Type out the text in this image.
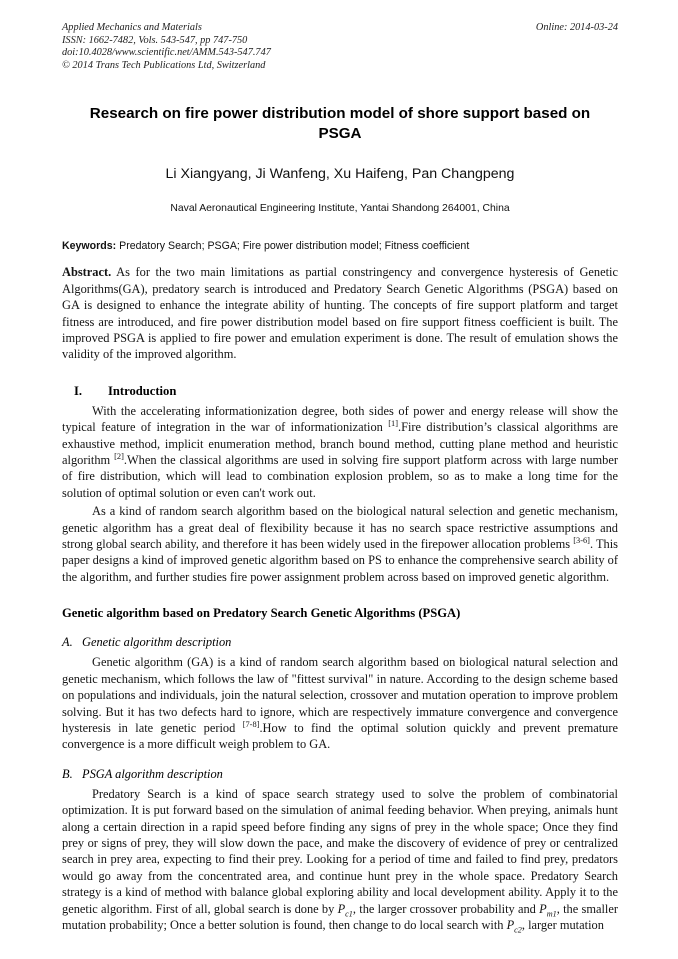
Applied Mechanics and Materials
ISSN: 1662-7482, Vols. 543-547, pp 747-750
doi:10.4028/www.scientific.net/AMM.543-547.747
© 2014 Trans Tech Publications Ltd, Switzerland
Online: 2014-03-24
Research on fire power distribution model of shore support based on PSGA
Li Xiangyang, Ji Wanfeng, Xu Haifeng, Pan Changpeng
Naval Aeronautical Engineering Institute, Yantai Shandong 264001, China
Keywords: Predatory Search; PSGA; Fire power distribution model; Fitness coefficient
Abstract. As for the two main limitations as partial constringency and convergence hysteresis of Genetic Algorithms(GA), predatory search is introduced and Predatory Search Genetic Algorithms (PSGA) based on GA is designed to enhance the integrate ability of hunting. The concepts of fire support platform and target fitness are introduced, and fire power distribution model based on fire support fitness coefficient is built. The improved PSGA is applied to fire power and emulation experiment is done. The result of emulation shows the validity of the improved algorithm.
I. Introduction

With the accelerating informationization degree, both sides of power and energy release will show the typical feature of integration in the war of informationization [1].Fire distribution’s classical algorithms are exhaustive method, implicit enumeration method, branch bound method, cutting plane method and heuristic algorithm [2].When the classical algorithms are used in solving fire support platform across with large number of fire distribution, which will lead to combination explosion problem, so as to make a long time for the solution of optimal solution or even can't work out.

As a kind of random search algorithm based on the biological natural selection and genetic mechanism, genetic algorithm has a great deal of flexibility because it has no search space restrictive assumptions and strong global search ability, and therefore it has been widely used in the firepower allocation problems [3-6]. This paper designs a kind of improved genetic algorithm based on PS to enhance the comprehensive search ability of the algorithm, and further studies fire power assignment problem across based on improved genetic algorithm.

Genetic algorithm based on Predatory Search Genetic Algorithms (PSGA)
A. Genetic algorithm description

Genetic algorithm (GA) is a kind of random search algorithm based on biological natural selection and genetic mechanism, which follows the law of "fittest survival" in nature. According to the design scheme based on populations and individuals, join the natural selection, crossover and mutation operation to improve problem solving. But it has two defects hard to ignore, which are respectively immature convergence and convergence hysteresis in late genetic period [7-8].How to find the optimal solution quickly and prevent premature convergence is a more difficult weigh problem to GA.

B. PSGA algorithm description

Predatory Search is a kind of space search strategy used to solve the problem of combinatorial optimization. It is put forward based on the simulation of animal feeding behavior. When preying, animals hunt along a certain direction in a rapid speed before finding any signs of prey in the whole space; Once they find prey or signs of prey, they will slow down the pace, and make the discovery of evidence of prey or centralized search in prey area, expecting to find their prey. Looking for a period of time and failed to find prey, predators would go away from the concentrated area, and continue hunt prey in the whole space. Predatory Search strategy is a kind of method with balance global exploring ability and local development ability. Apply it to the genetic algorithm. First of all, global search is done by $P_{c1}$, the larger crossover probability and $P_{m1}$, the smaller mutation probability; Once a better solution is found, then change to do local search with $P_{c2}$, larger mutation
